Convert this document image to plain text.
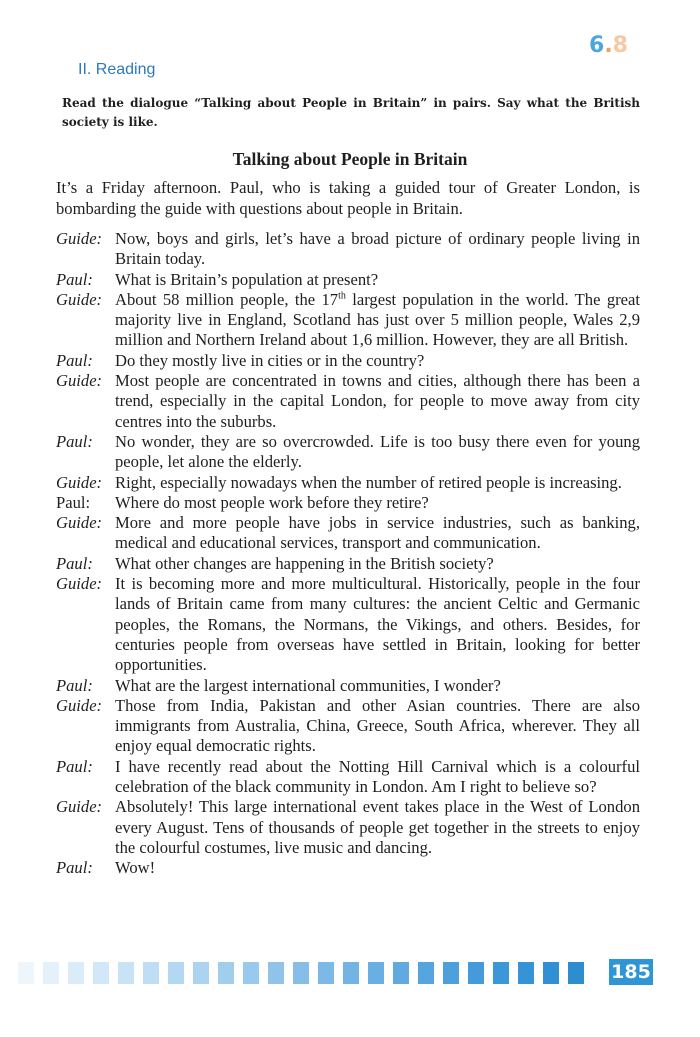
6.8
II. Reading

Read the dialogue “Talking about People in Britain” in pairs. Say what the British society is like.

Talking about People in Britain

It’s a Friday afternoon. Paul, who is taking a guided tour of Greater London, is bombarding the guide with questions about people in Britain.

Guide: Now, boys and girls, let’s have a broad picture of ordinary people living in Britain today.
Paul:	What is Britain’s population at present?
Guide: About 58 million people, the 17th largest population in the world. The great majority live in England, Scotland has just over 5 million people, Wales 2,9 million and Northern Ireland about 1,6 million. However, they are all British.
Paul:	Do they mostly live in cities or in the country?
Guide: Most people are concentrated in towns and cities, although there has been a trend, especially in the capital London, for people to move away from city centres into the suburbs.
Paul:	No wonder, they are so overcrowded. Life is too busy there even for young people, let alone the elderly.
Guide: Right, especially nowadays when the number of retired people is increasing.
Paul:	Where do most people work before they retire?
Guide: More and more people have jobs in service industries, such as banking, medical and educational services, transport and communication.
Paul:	What other changes are happening in the British society?
Guide: It is becoming more and more multicultural. Historically, people in the four lands of Britain came from many cultures: the ancient Celtic and Germanic peoples, the Romans, the Normans, the Vikings, and others. Besides, for centuries people from overseas have settled in Britain, looking for better opportunities.
Paul:	What are the largest international communities, I wonder?
Guide: Those from India, Pakistan and other Asian countries. There are also immigrants from Australia, China, Greece, South Africa, wherever. They all enjoy equal democratic rights.
Paul:	I have recently read about the Notting Hill Carnival which is a colourful celebration of the black community in London. Am I right to believe so?
Guide: Absolutely! This large international event takes place in the West of London every August. Tens of thousands of people get together in the streets to enjoy the colourful costumes, live music and dancing.
Paul:	Wow!
185
